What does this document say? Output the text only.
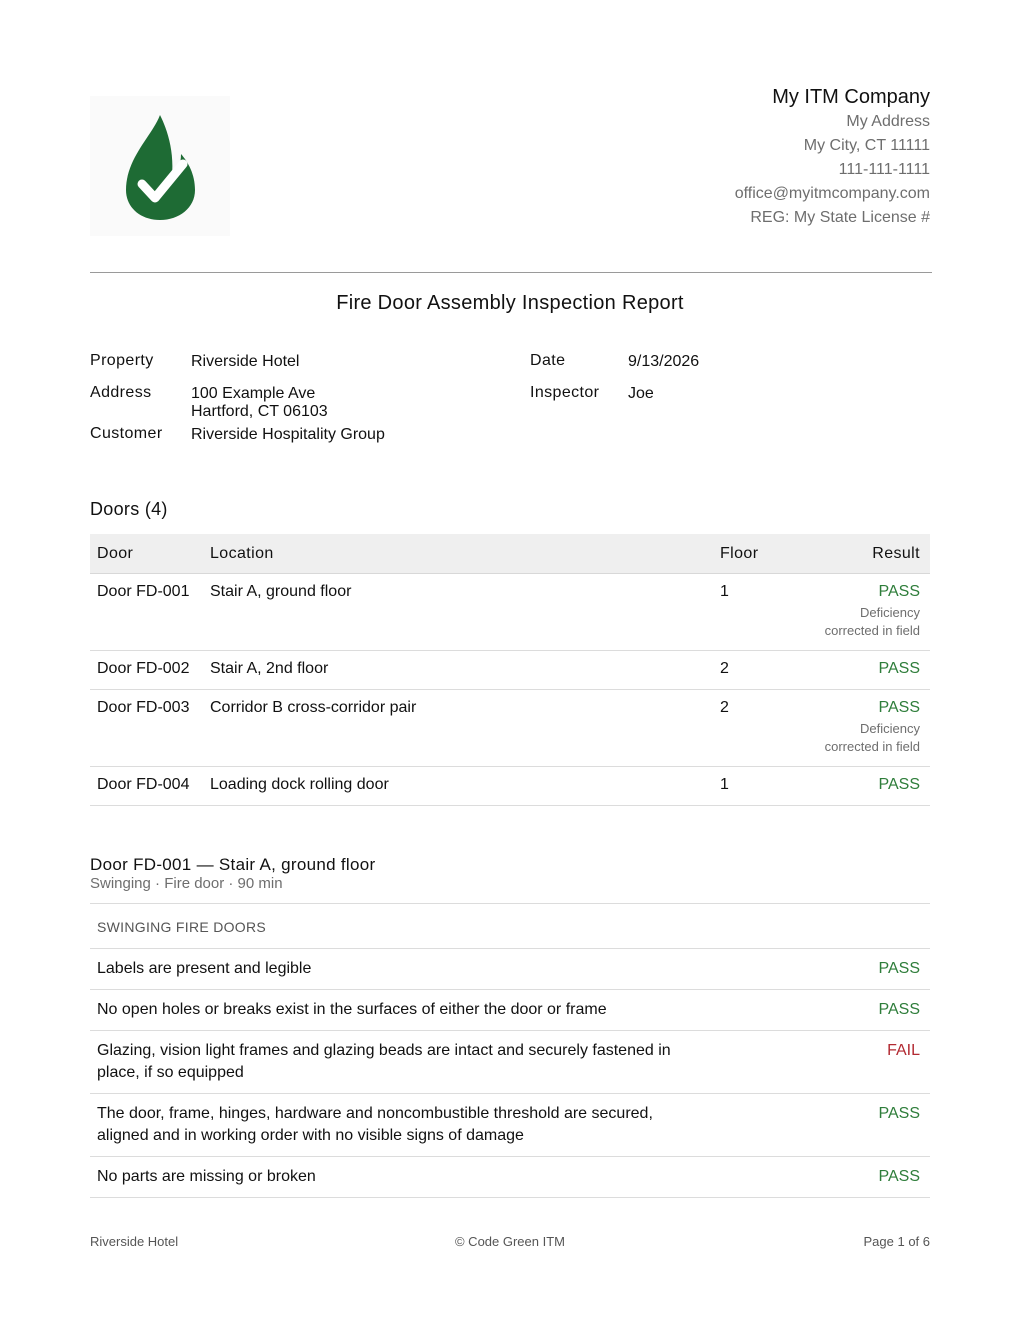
My ITM Company
My Address
My City, CT 11111
111-111-1111
office@myitmcompany.com
REG: My State License #
Fire Door Assembly Inspection Report
Property Riverside Hotel
Address 100 Example Ave
Hartford, CT 06103
Customer Riverside Hospitality Group
Date	9/13/2026
Inspector Joe
Doors (4)
Door	Location	Floor	Result
Door FD-001	Stair A, ground floor	1	PASS
Deficiency
corrected in field

Door FD-002	Stair A, 2nd floor	2	PASS

Door FD-003	Corridor B cross-corridor pair	2	PASS
Deficiency
corrected in field

Door FD-004	Loading dock rolling door	1	PASS
Door FD-001 — Stair A, ground floor
Swinging · Fire door · 90 min
SWINGING FIRE DOORS	

Labels are present and legible	PASS

No open holes or breaks exist in the surfaces of either the door or frame	PASS

Glazing, vision light frames and glazing beads are intact and securely fastened in place, if so equipped	FAIL

The door, frame, hinges, hardware and noncombustible threshold are secured, aligned and in working order with no visible signs of damage	PASS

No parts are missing or broken	PASS
Riverside Hotel	© Code Green ITM	Page 1 of 6
